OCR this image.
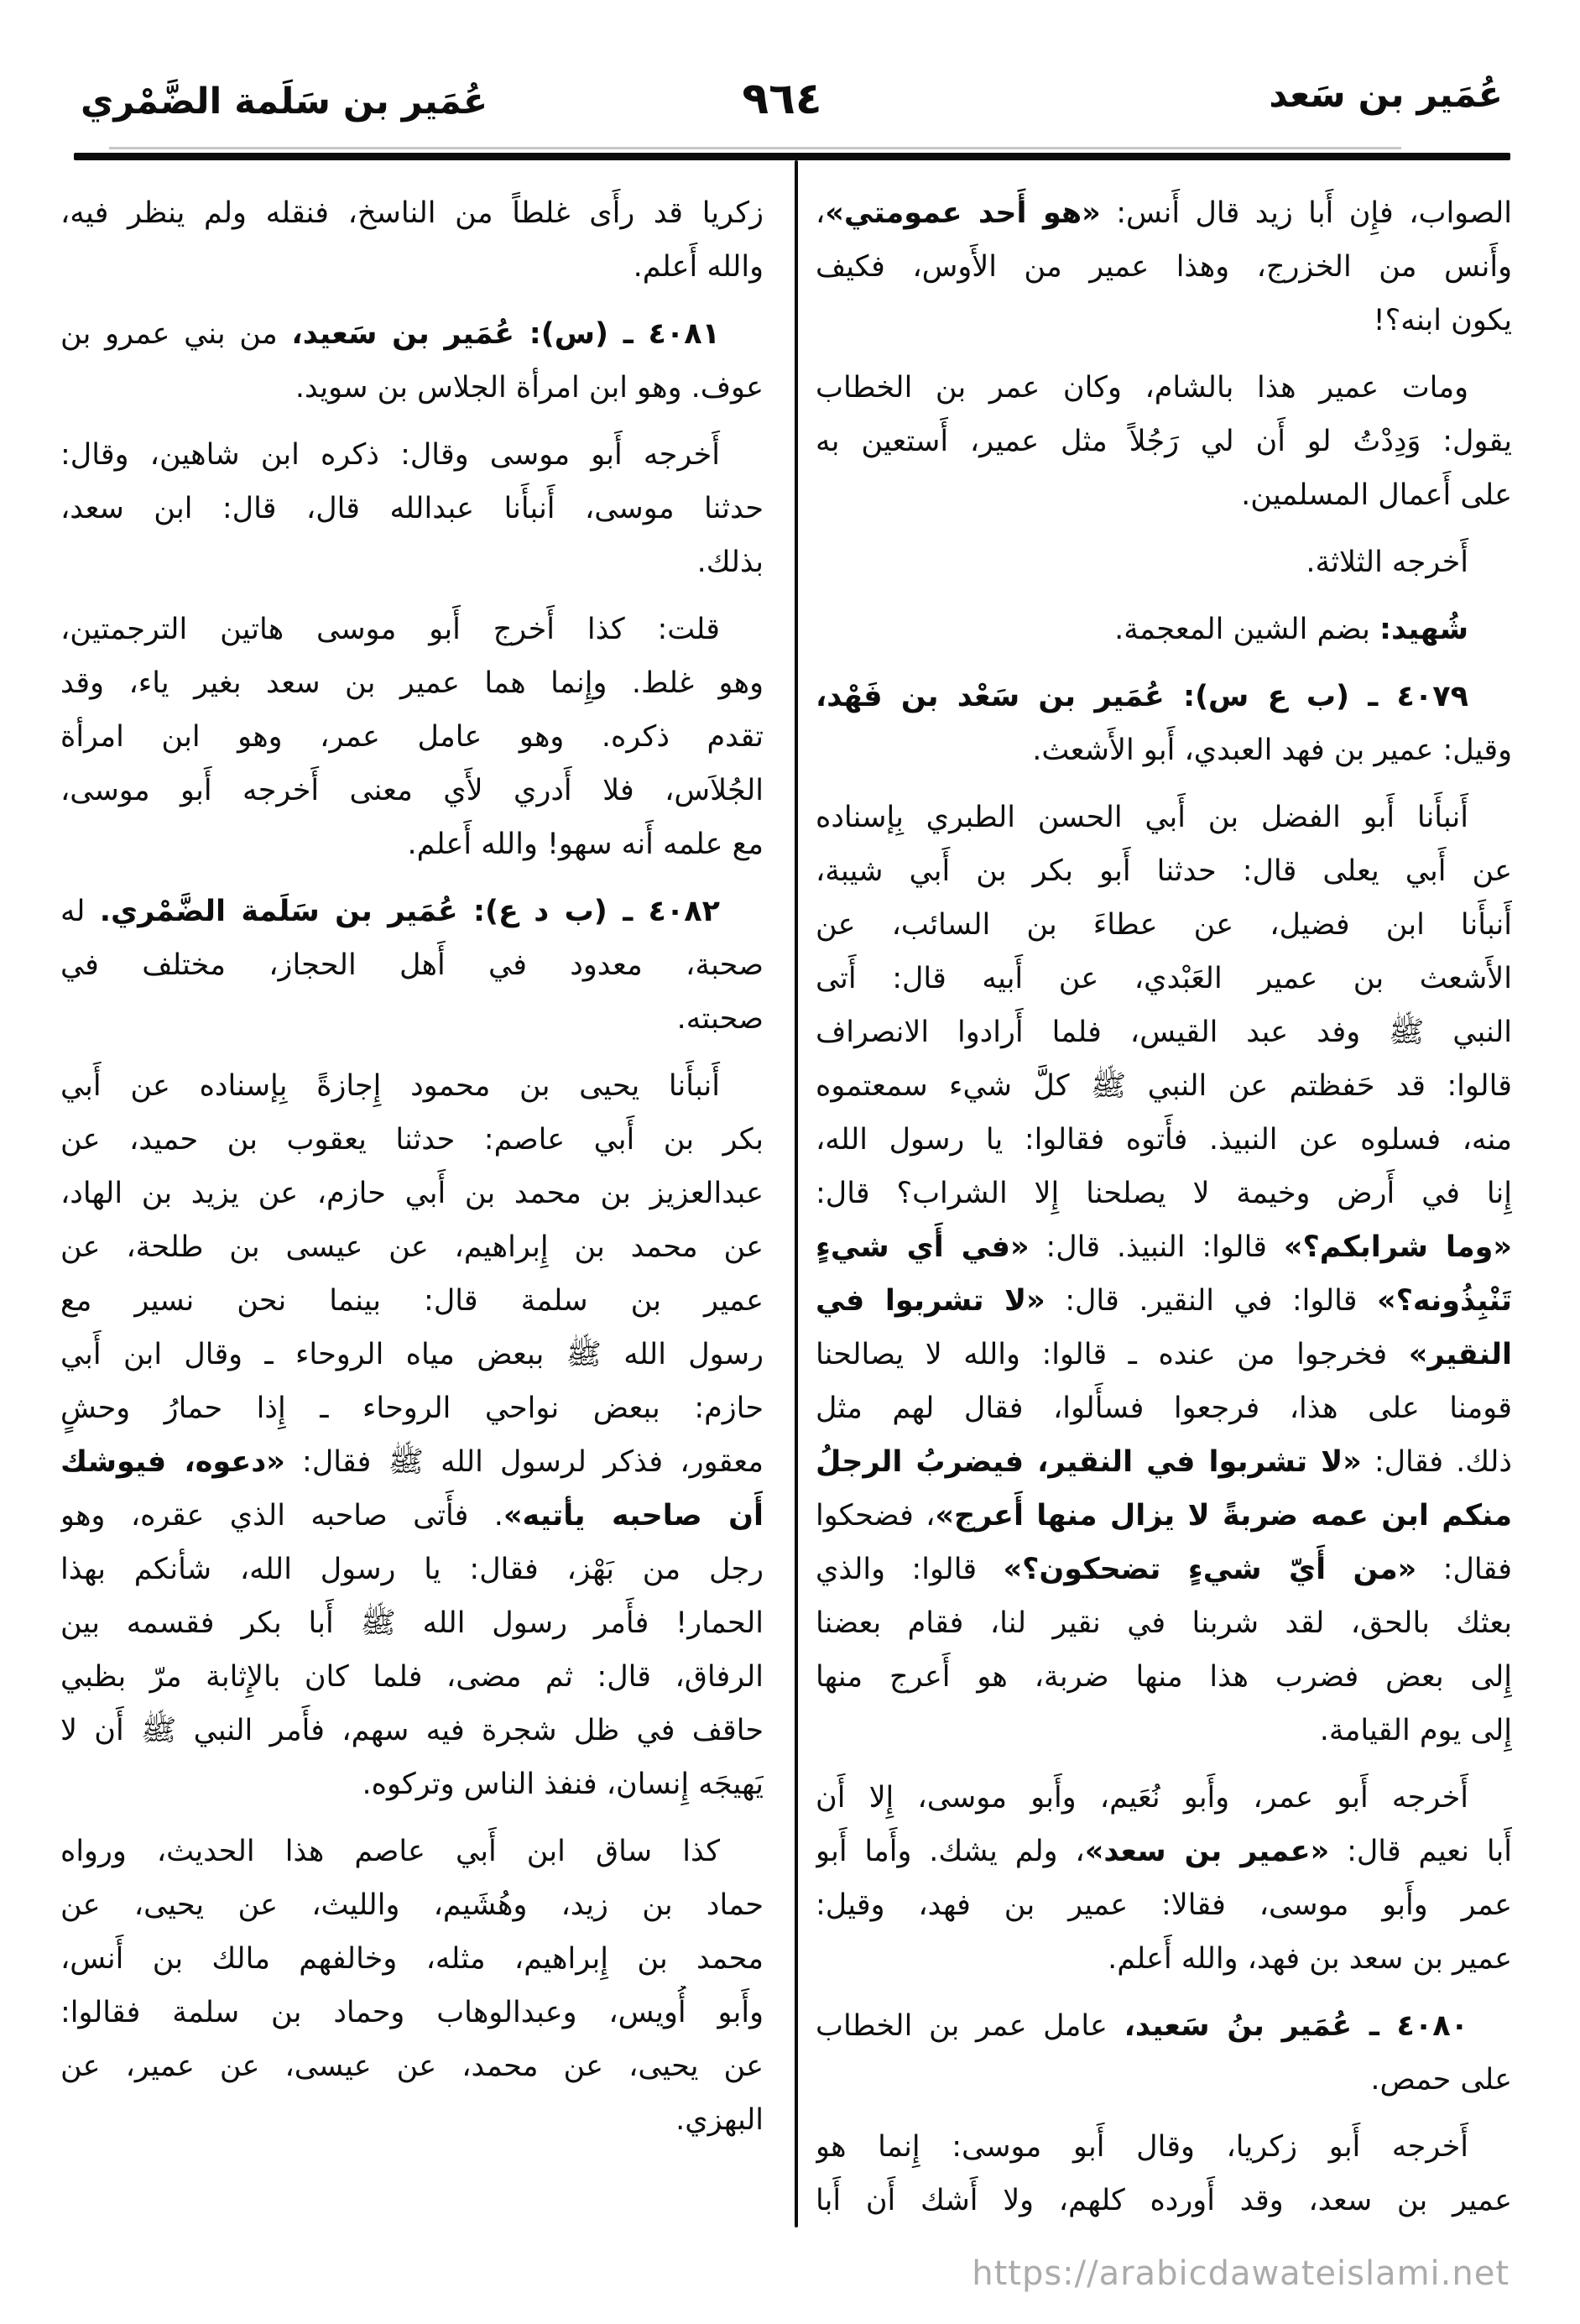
عُمَير بن سَلَمة الضَّمْري	٩٦٤	عُمَير بن سَعد
الصواب، فإِن أَبا زيد قال أَنس: «هو أَحد عمومتي»،
وأَنس من الخزرج، وهذا عمير من الأَوس، فكيف
يكون ابنه؟!
ومات عمير هذا بالشام، وكان عمر بن الخطاب
يقول: وَدِدْتُ لو أَن لي رَجُلاً مثل عمير، أَستعين به
على أَعمال المسلمين.
أَخرجه الثلاثة.
شُهيد: بضم الشين المعجمة.
٤٠٧٩ ـ (ب ع س): عُمَير بن سَعْد بن فَهْد،
وقيل: عمير بن فهد العبدي، أَبو الأَشعث.
أَنبأَنا أَبو الفضل بن أَبي الحسن الطبري بِإسناده
عن أَبي يعلى قال: حدثنا أَبو بكر بن أَبي شيبة،
أَنبأَنا ابن فضيل، عن عطاءَ بن السائب، عن
الأَشعث بن عمير العَبْدي، عن أَبيه قال: أَتى
النبي ﷺ وفد عبد القيس، فلما أَرادوا الانصراف
قالوا: قد حَفظتم عن النبي ﷺ كلَّ شيء سمعتموه
منه، فسلوه عن النبيذ. فأَتوه فقالوا: يا رسول الله،
إِنا في أَرض وخيمة لا يصلحنا إِلا الشراب؟ قال:
«وما شرابكم؟» قالوا: النبيذ. قال: «في أَي شيءٍ
تَنْبِذُونه؟» قالوا: في النقير. قال: «لا تشربوا في
النقير» فخرجوا من عنده ـ قالوا: والله لا يصالحنا
قومنا على هذا، فرجعوا فسأَلوا، فقال لهم مثل
ذلك. فقال: «لا تشربوا في النقير، فيضربُ الرجلُ
منكم ابن عمه ضربةً لا يزال منها أَعرج»، فضحكوا
فقال: «من أَيّ شيءٍ تضحكون؟» قالوا: والذي
بعثك بالحق، لقد شربنا في نقير لنا، فقام بعضنا
إِلى بعض فضرب هذا منها ضربة، هو أَعرج منها
إِلى يوم القيامة.
أَخرجه أَبو عمر، وأَبو نُعَيم، وأَبو موسى، إِلا أَن
أَبا نعيم قال: «عمير بن سعد»، ولم يشك. وأَما أَبو
عمر وأَبو موسى، فقالا: عمير بن فهد، وقيل:
عمير بن سعد بن فهد، والله أَعلم.
٤٠٨٠ ـ عُمَير بنُ سَعيد، عامل عمر بن الخطاب
على حمص.
أَخرجه أَبو زكريا، وقال أَبو موسى: إِنما هو
عمير بن سعد، وقد أَورده كلهم، ولا أَشك أَن أَبا
زكريا قد رأَى غلطاً من الناسخ، فنقله ولم ينظر فيه،
والله أَعلم.
٤٠٨١ ـ (س): عُمَير بن سَعيد، من بني عمرو بن
عوف. وهو ابن امرأة الجلاس بن سويد.
أَخرجه أَبو موسى وقال: ذكره ابن شاهين، وقال:
حدثنا موسى، أَنبأَنا عبدالله قال، قال: ابن سعد،
بذلك.
قلت: كذا أَخرج أَبو موسى هاتين الترجمتين،
وهو غلط. وإِنما هما عمير بن سعد بغير ياء، وقد
تقدم ذكره. وهو عامل عمر، وهو ابن امرأة
الجُلاَس، فلا أَدري لأَي معنى أَخرجه أَبو موسى،
مع علمه أَنه سهو! والله أَعلم.
٤٠٨٢ ـ (ب د ع): عُمَير بن سَلَمة الضَّمْري. له
صحبة، معدود في أَهل الحجاز، مختلف في
صحبته.
أَنبأَنا يحيى بن محمود إِجازةً بِإسناده عن أَبي
بكر بن أَبي عاصم: حدثنا يعقوب بن حميد، عن
عبدالعزيز بن محمد بن أَبي حازم، عن يزيد بن الهاد،
عن محمد بن إِبراهيم، عن عيسى بن طلحة، عن
عمير بن سلمة قال: بينما نحن نسير مع
رسول الله ﷺ ببعض مياه الروحاء ـ وقال ابن أَبي
حازم: ببعض نواحي الروحاء ـ إِذا حمارُ وحشٍ
معقور، فذكر لرسول الله ﷺ فقال: «دعوه، فيوشك
أَن صاحبه يأتيه». فأَتى صاحبه الذي عقره، وهو
رجل من بَهْز، فقال: يا رسول الله، شأنكم بهذا
الحمار! فأَمر رسول الله ﷺ أَبا بكر فقسمه بين
الرفاق، قال: ثم مضى، فلما كان بالإِثابة مرّ بظبي
حاقف في ظل شجرة فيه سهم، فأَمر النبي ﷺ أَن لا
يَهيجَه إِنسان، فنفذ الناس وتركوه.
كذا ساق ابن أَبي عاصم هذا الحديث، ورواه
حماد بن زيد، وهُشَيم، والليث، عن يحيى، عن
محمد بن إِبراهيم، مثله، وخالفهم مالك بن أَنس،
وأَبو أُويس، وعبدالوهاب وحماد بن سلمة فقالوا:
عن يحيى، عن محمد، عن عيسى، عن عمير، عن
البهزي.
https://arabicdawateislami.net
